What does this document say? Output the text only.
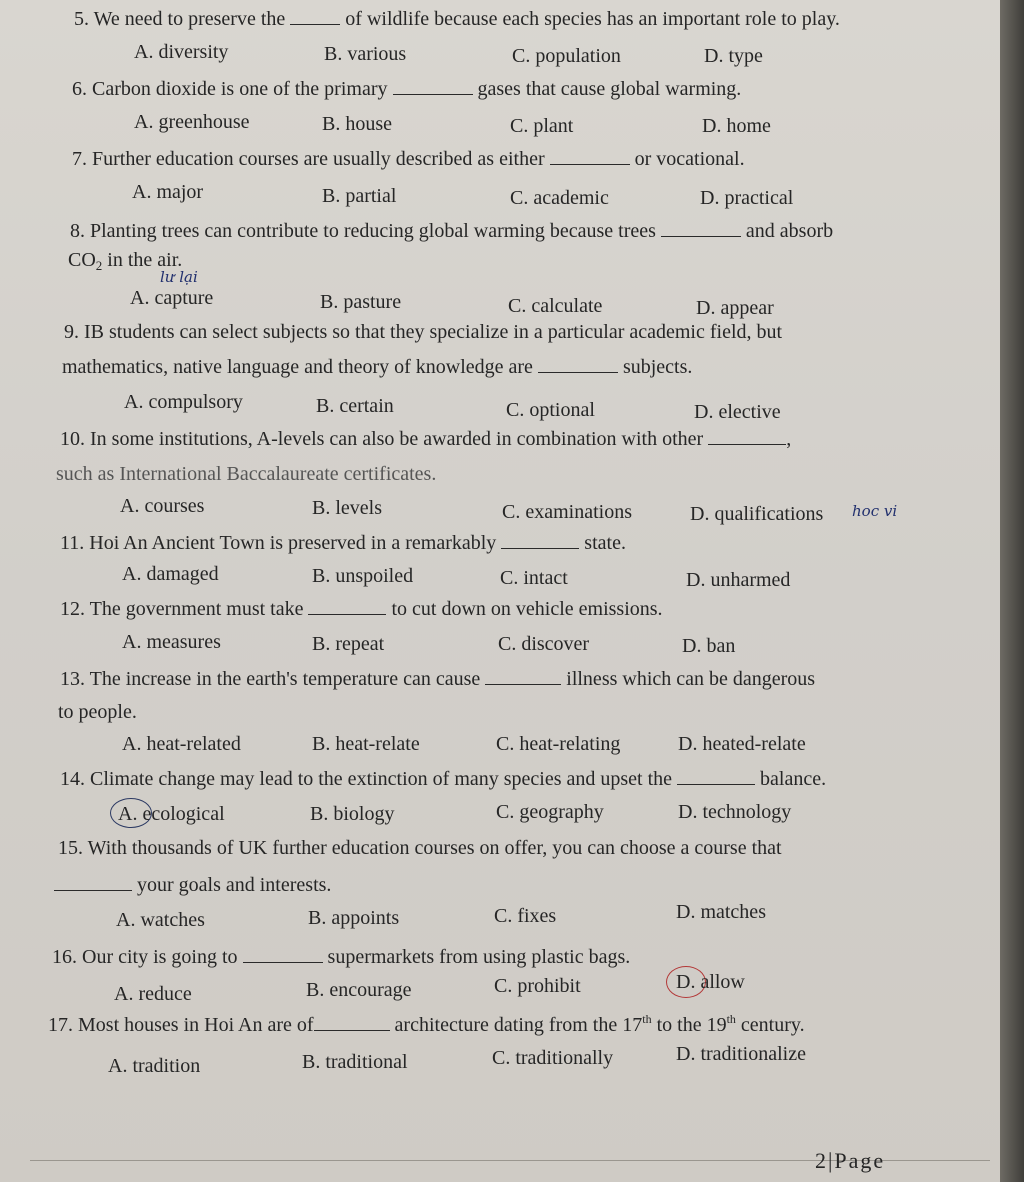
5. We need to preserve the	of wildlife because each species has an important role to play.
A. diversity	B. various	C. population	D. type
6. Carbon dioxide is one of the primary	gases that cause global warming.
A. greenhouse	B. house	C. plant	D. home
7. Further education courses are usually described as either	or vocational.
A. major	B. partial	C. academic	D. practical
8. Planting trees can contribute to reducing global warming because trees	and absorb
$CO_2$ in the air.
lư lại
A. capture	B. pasture	C. calculate	D. appear
9. IB students can select subjects so that they specialize in a particular academic field, but
mathematics, native language and theory of knowledge are	subjects.
A. compulsory	B. certain	C. optional	D. elective
10. In some institutions, A-levels can also be awarded in combination with other	,
such as International Baccalaureate certificates.
A. courses	B. levels	C. examinations	D. qualifications hoc vi
11. Hoi An Ancient Town is preserved in a remarkably	state.
A. damaged	B. unspoiled	C. intact	D. unharmed
12. The government must take	to cut down on vehicle emissions.
A. measures	B. repeat	C. discover	D. ban
13. The increase in the earth's temperature can cause	illness which can be dangerous
to people.
A. heat-related	B. heat-relate	C. heat-relating	D. heated-relate
14. Climate change may lead to the extinction of many species and upset the	balance.
A. ecological	B. biology	C. geography	D. technology
15. With thousands of UK further education courses on offer, you can choose a course that
your goals and interests.
A. watches	B. appoints	C. fixes	D. matches
16. Our city is going to	supermarkets from using plastic bags.
A. reduce	B. encourage	C. prohibit	D. allow
17. Most houses in Hoi An are of	architecture dating from the 17th to the 19th century.
A. tradition	B. traditional	C. traditionally	D. traditionalize
2|Page
